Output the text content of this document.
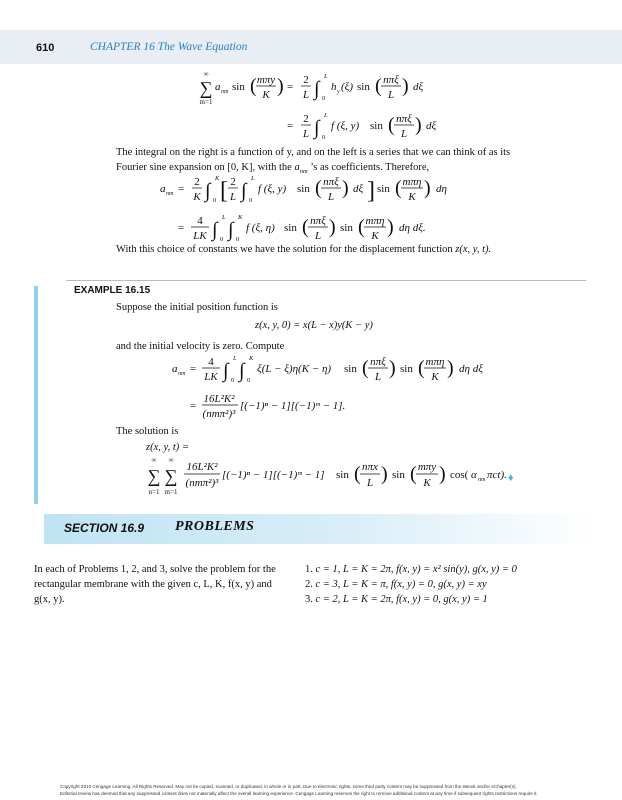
610	CHAPTER 16 The Wave Equation
∞
∑
m=1
a nm sin ( mπy
K ) =
2
L ∫
L
0
h y (ξ) sin ( nπξ
L ) dξ
=
2
L ∫
L
0
f (ξ, y) sin ( nπξ
L ) dξ
The integral on the right is a function of y, and on the left is a series that we can think of as its
Fourier sine expansion on [0, K], with the $a_{nm}$ ’s as coefficients. Therefore,
a nm =
2
K ∫
K
0 [ 2
L ∫
L
0
f (ξ, y) sin ( nπξ
L ) dξ ] sin ( mπη
K ) dη
=
4
LK ∫
L
0 ∫
K
0
f (ξ, η) sin ( nπξ
L ) sin ( mπη
K ) dη dξ.
With this choice of constants we have the solution for the displacement function z(x, y, t).
EXAMPLE 16.15
Suppose the initial position function is
z(x, y, 0) = x(L − x)y(K − y)
and the initial velocity is zero. Compute
a nm =
4
LK ∫
L
0 ∫
K
0
ξ(L − ξ)η(K − η) sin ( nπξ
L ) sin ( mπη
K ) dη dξ
=
16L²K²
(nmπ²)³
[(−1)ⁿ − 1][(−1)ᵐ − 1].
The solution is
z(x, y, t) =
∞
∑
n=1
∞
∑
m=1
16L²K²
(nmπ²)³
[(−1)ⁿ − 1][(−1)ᵐ − 1] sin ( nπx
L ) sin ( mπy
K ) cos( α nm πct). ♦
SECTION 16.9 PROBLEMS
In each of Problems 1, 2, and 3, solve the problem for the
rectangular membrane with the given c, L, K, f(x, y) and
g(x, y).
1. c = 1, L = K = 2π, f(x, y) = x² sin(y), g(x, y) = 0
2. c = 3, L = K = π, f(x, y) = 0, g(x, y) = xy
3. c = 2, L = K = 2π, f(x, y) = 0, g(x, y) = 1
Copyright 2010 Cengage Learning. All Rights Reserved. May not be copied, scanned, or duplicated, in whole or in part. Due to electronic rights, some third party content may be suppressed from the eBook and/or eChapter(s).
Editorial review has deemed that any suppressed content does not materially affect the overall learning experience. Cengage Learning reserves the right to remove additional content at any time if subsequent rights restrictions require it.
